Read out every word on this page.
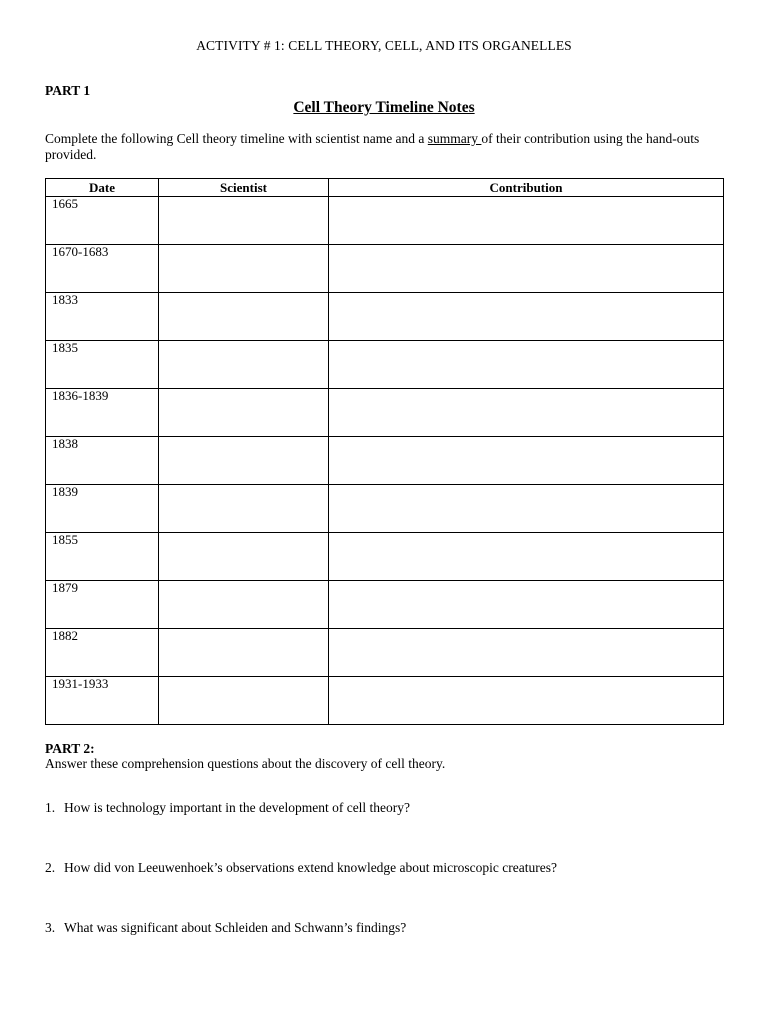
ACTIVITY # 1: CELL THEORY, CELL, AND ITS ORGANELLES
PART 1
Cell Theory Timeline Notes
Complete the following Cell theory timeline with scientist name and a summary of their contribution using the hand-outs provided.
Date	Scientist	Contribution
1665		
1670-1683		
1833		
1835		
1836-1839		
1838		
1839		
1855		
1879		
1882		
1931-1933		
PART 2:
Answer these comprehension questions about the discovery of cell theory.
1. How is technology important in the development of cell theory?
2. How did von Leeuwenhoek’s observations extend knowledge about microscopic creatures?
3. What was significant about Schleiden and Schwann’s findings?
